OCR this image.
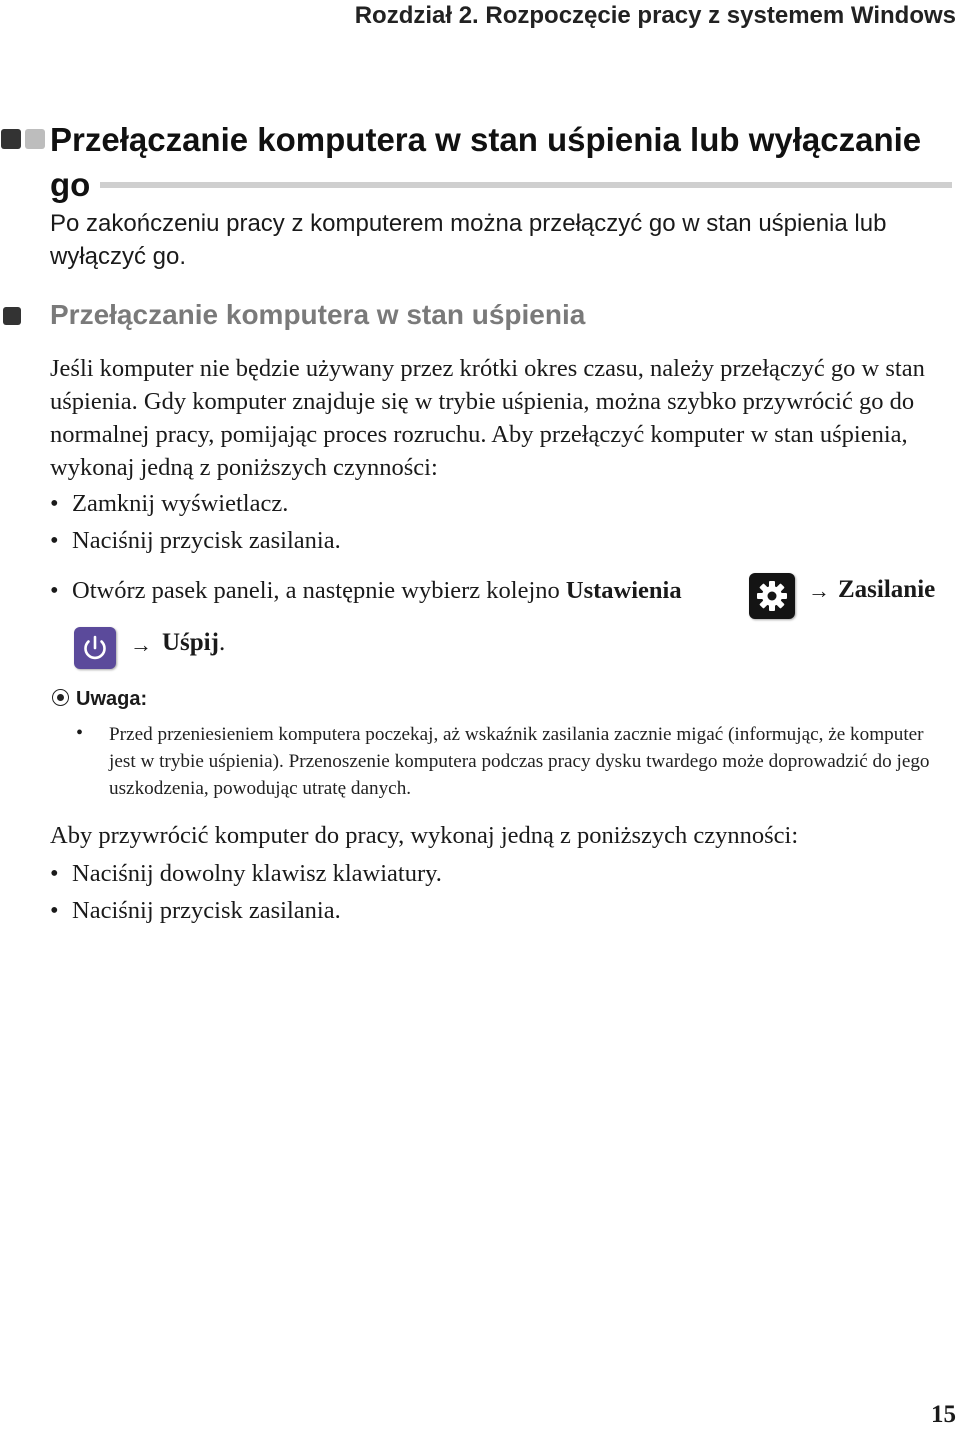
Rozdział 2. Rozpoczęcie pracy z systemem Windows
Przełączanie komputera w stan uśpienia lub wyłączanie go
Po zakończeniu pracy z komputerem można przełączyć go w stan uśpienia lub wyłączyć go.
Przełączanie komputera w stan uśpienia
Jeśli komputer nie będzie używany przez krótki okres czasu, należy przełączyć go w stan uśpienia. Gdy komputer znajduje się w trybie uśpienia, można szybko przywrócić go do normalnej pracy, pomijając proces rozruchu. Aby przełączyć komputer w stan uśpienia, wykonaj jedną z poniższych czynności:
• Zamknij wyświetlacz.
• Naciśnij przycisk zasilania.
• Otwórz pasek paneli, a następnie wybierz kolejno Ustawienia	→ Zasilanie
→ Uśpij.
Uwaga:
• Przed przeniesieniem komputera poczekaj, aż wskaźnik zasilania zacznie migać (informując, że komputer jest w trybie uśpienia). Przenoszenie komputera podczas pracy dysku twardego może doprowadzić do jego uszkodzenia, powodując utratę danych.
Aby przywrócić komputer do pracy, wykonaj jedną z poniższych czynności:
• Naciśnij dowolny klawisz klawiatury.
• Naciśnij przycisk zasilania.
15
